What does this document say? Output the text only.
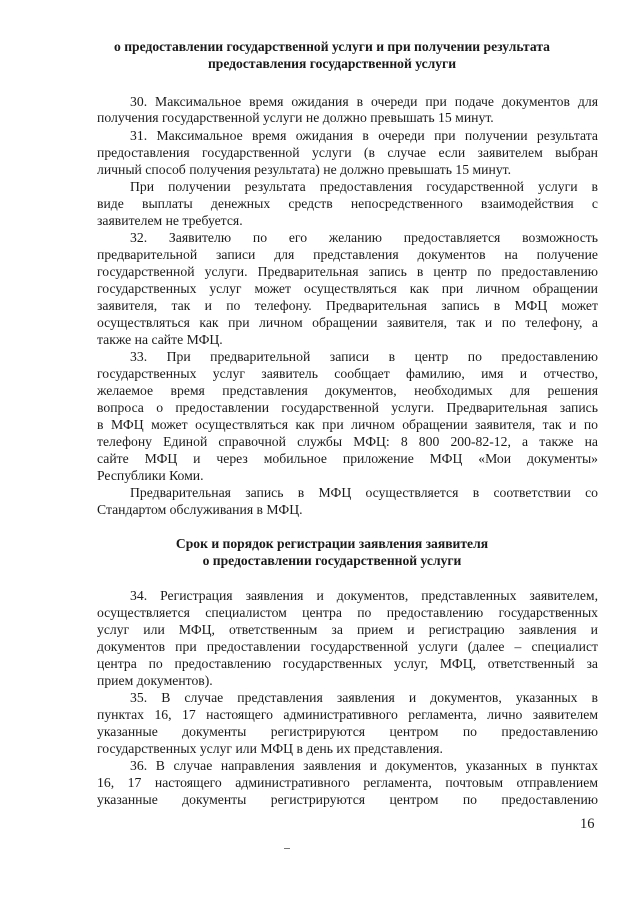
о предоставлении государственной услуги и при получении результата
предоставления государственной услуги
30. Максимальное время ожидания в очереди при подаче документов для
получения государственной услуги не должно превышать 15 минут.
31. Максимальное время ожидания в очереди при получении результата
предоставления государственной услуги (в случае если заявителем выбран
личный способ получения результата) не должно превышать 15 минут.
При получении результата предоставления государственной услуги в
виде выплаты денежных средств непосредственного взаимодействия с
заявителем не требуется.
32. Заявителю по его желанию предоставляется возможность
предварительной записи для представления документов на получение
государственной услуги. Предварительная запись в центр по предоставлению
государственных услуг может осуществляться как при личном обращении
заявителя, так и по телефону. Предварительная запись в МФЦ может
осуществляться как при личном обращении заявителя, так и по телефону, а
также на сайте МФЦ.
33. При предварительной записи в центр по предоставлению
государственных услуг заявитель сообщает фамилию, имя и отчество,
желаемое время представления документов, необходимых для решения
вопроса о предоставлении государственной услуги. Предварительная запись
в МФЦ может осуществляться как при личном обращении заявителя, так и по
телефону Единой справочной службы МФЦ: 8 800 200-82-12, а также на
сайте МФЦ и через мобильное приложение МФЦ «Мои документы»
Республики Коми.
Предварительная запись в МФЦ осуществляется в соответствии со
Стандартом обслуживания в МФЦ.
Срок и порядок регистрации заявления заявителя
о предоставлении государственной услуги
34. Регистрация заявления и документов, представленных заявителем,
осуществляется специалистом центра по предоставлению государственных
услуг или МФЦ, ответственным за прием и регистрацию заявления и
документов при предоставлении государственной услуги (далее – специалист
центра по предоставлению государственных услуг, МФЦ, ответственный за
прием документов).
35. В случае представления заявления и документов, указанных в
пунктах 16, 17 настоящего административного регламента, лично заявителем
указанные документы регистрируются центром по предоставлению
государственных услуг или МФЦ в день их представления.
36. В случае направления заявления и документов, указанных в пунктах
16, 17 настоящего административного регламента, почтовым отправлением
указанные документы регистрируются центром по предоставлению
16
